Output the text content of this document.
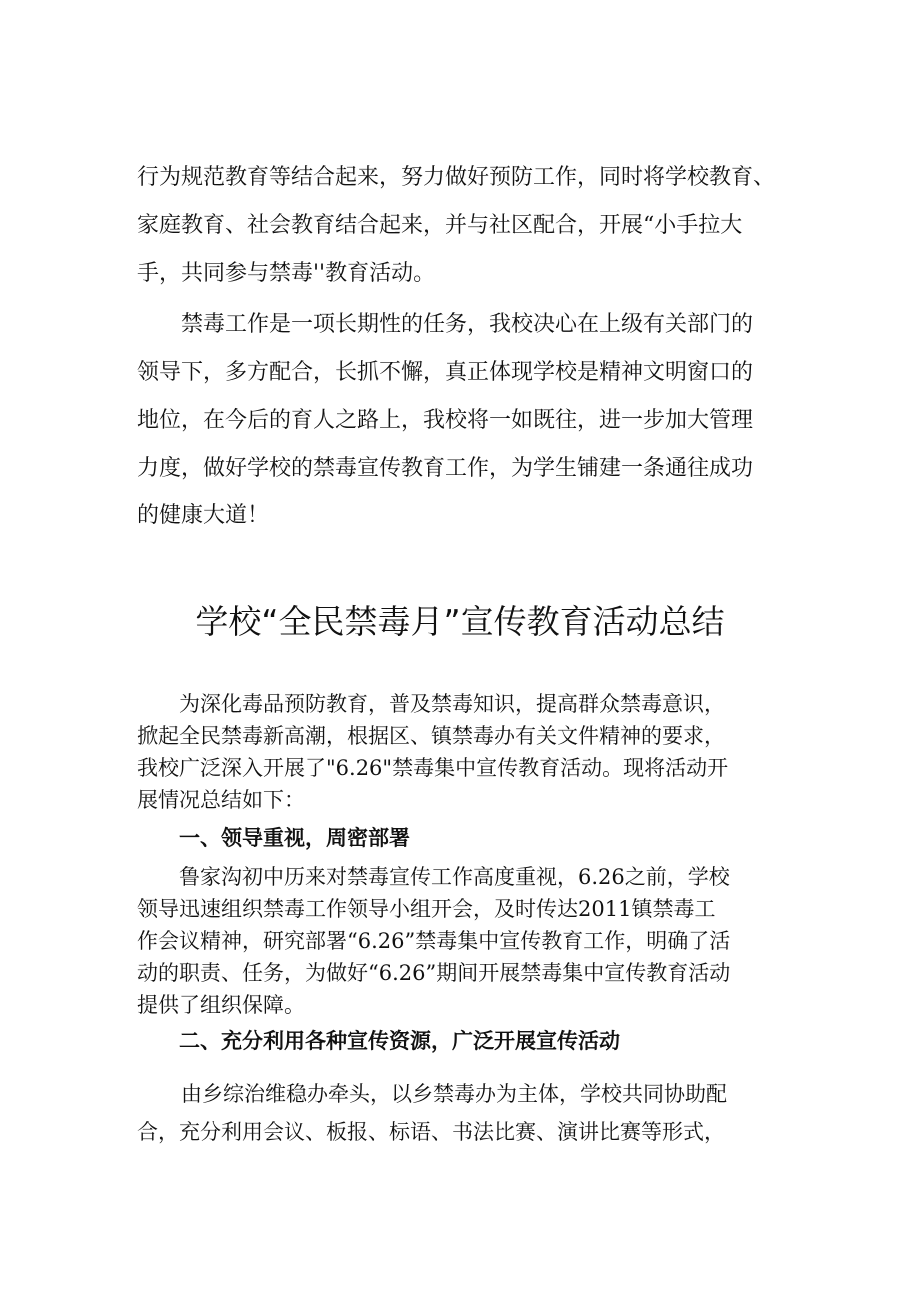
行为规范教育等结合起来，努力做好预防工作，同时将学校教育、
家庭教育、社会教育结合起来，并与社区配合，开展“小手拉大
手，共同参与禁毒''教育活动。
禁毒工作是一项长期性的任务，我校决心在上级有关部门的
领导下，多方配合，长抓不懈，真正体现学校是精神文明窗口的
地位，在今后的育人之路上，我校将一如既往，进一步加大管理
力度，做好学校的禁毒宣传教育工作，为学生铺建一条通往成功
的健康大道！
学校“全民禁毒月”宣传教育活动总结
为深化毒品预防教育，普及禁毒知识，提高群众禁毒意识，
掀起全民禁毒新高潮，根据区、镇禁毒办有关文件精神的要求，
我校广泛深入开展了"6.26"禁毒集中宣传教育活动。现将活动开
展情况总结如下：
一、领导重视，周密部署
鲁家沟初中历来对禁毒宣传工作高度重视，6.26之前，学校
领导迅速组织禁毒工作领导小组开会，及时传达2011镇禁毒工
作会议精神，研究部署“6.26”禁毒集中宣传教育工作，明确了活
动的职责、任务，为做好“6.26”期间开展禁毒集中宣传教育活动
提供了组织保障。
二、充分利用各种宣传资源，广泛开展宣传活动
由乡综治维稳办牵头，以乡禁毒办为主体，学校共同协助配
合，充分利用会议、板报、标语、书法比赛、演讲比赛等形式，
